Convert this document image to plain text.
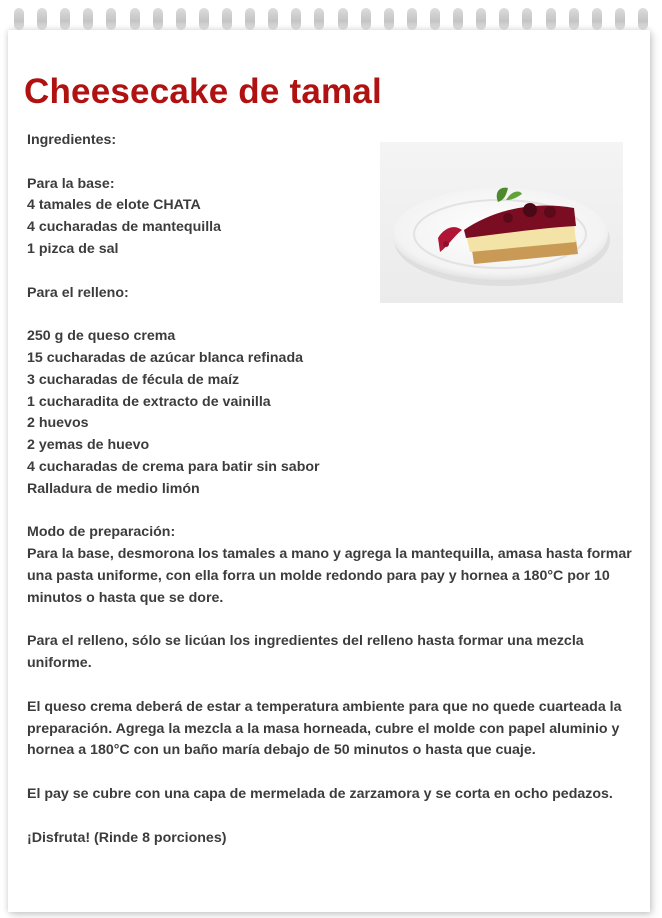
Cheesecake de tamal

Ingredientes:

Para la base:

4 tamales de elote CHATA

4 cucharadas de mantequilla

1 pizca de sal

Para el relleno:

250 g de queso crema

15 cucharadas de azúcar blanca refinada

3 cucharadas de fécula de maíz

1 cucharadita de extracto de vainilla

2 huevos

2 yemas de huevo

4 cucharadas de crema para batir sin sabor

Ralladura de medio limón

Modo de preparación:

Para la base, desmorona los tamales a mano y agrega la mantequilla, amasa hasta formar una pasta uniforme, con ella forra un molde redondo para pay y hornea a 180°C por 10 minutos o hasta que se dore.

Para el relleno, sólo se licúan los ingredientes del relleno hasta formar una mezcla uniforme.

El queso crema deberá de estar a temperatura ambiente para que no quede cuarteada la preparación. Agrega la mezcla a la masa horneada, cubre el molde con papel aluminio y hornea a 180°C con un baño maría debajo de 50 minutos o hasta que cuaje.

El pay se cubre con una capa de mermelada de zarzamora y se corta en ocho pedazos.

¡Disfruta! (Rinde 8 porciones)
